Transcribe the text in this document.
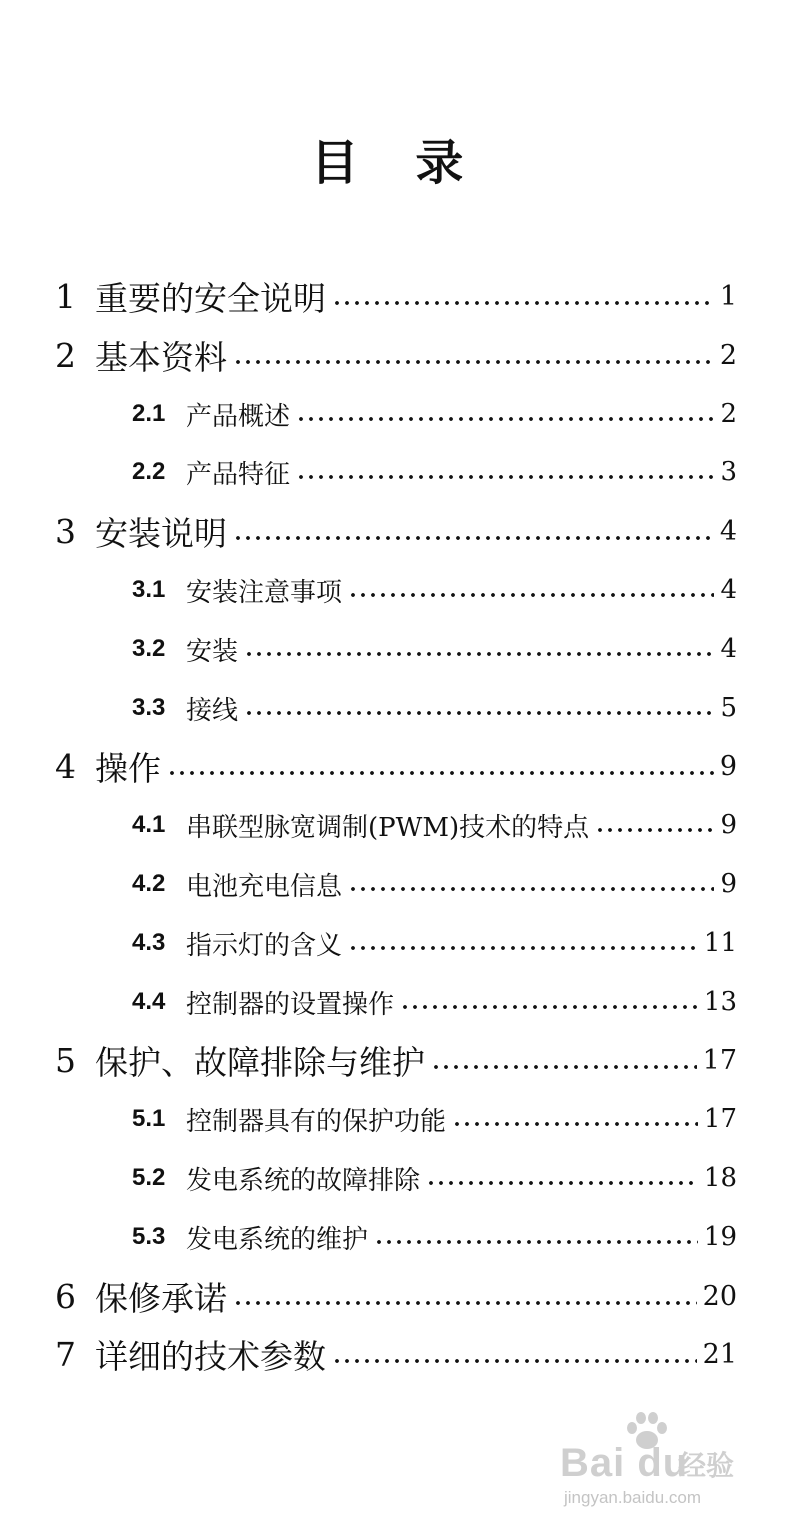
目 录
1 重要的安全说明	1
2 基本资料	2
2.1 产品概述	2
2.2 产品特征	3
3 安装说明	4
3.1 安装注意事项	4
3.2 安装	4
3.3 接线	5
4 操作	9
4.1 串联型脉宽调制(PWM)技术的特点	9
4.2 电池充电信息	9
4.3 指示灯的含义	11
4.4 控制器的设置操作	13
5 保护、故障排除与维护	17
5.1 控制器具有的保护功能	17
5.2 发电系统的故障排除	18
5.3 发电系统的维护	19
6 保修承诺	20
7 详细的技术参数	21
Bai du
经验
jingyan.baidu.com
